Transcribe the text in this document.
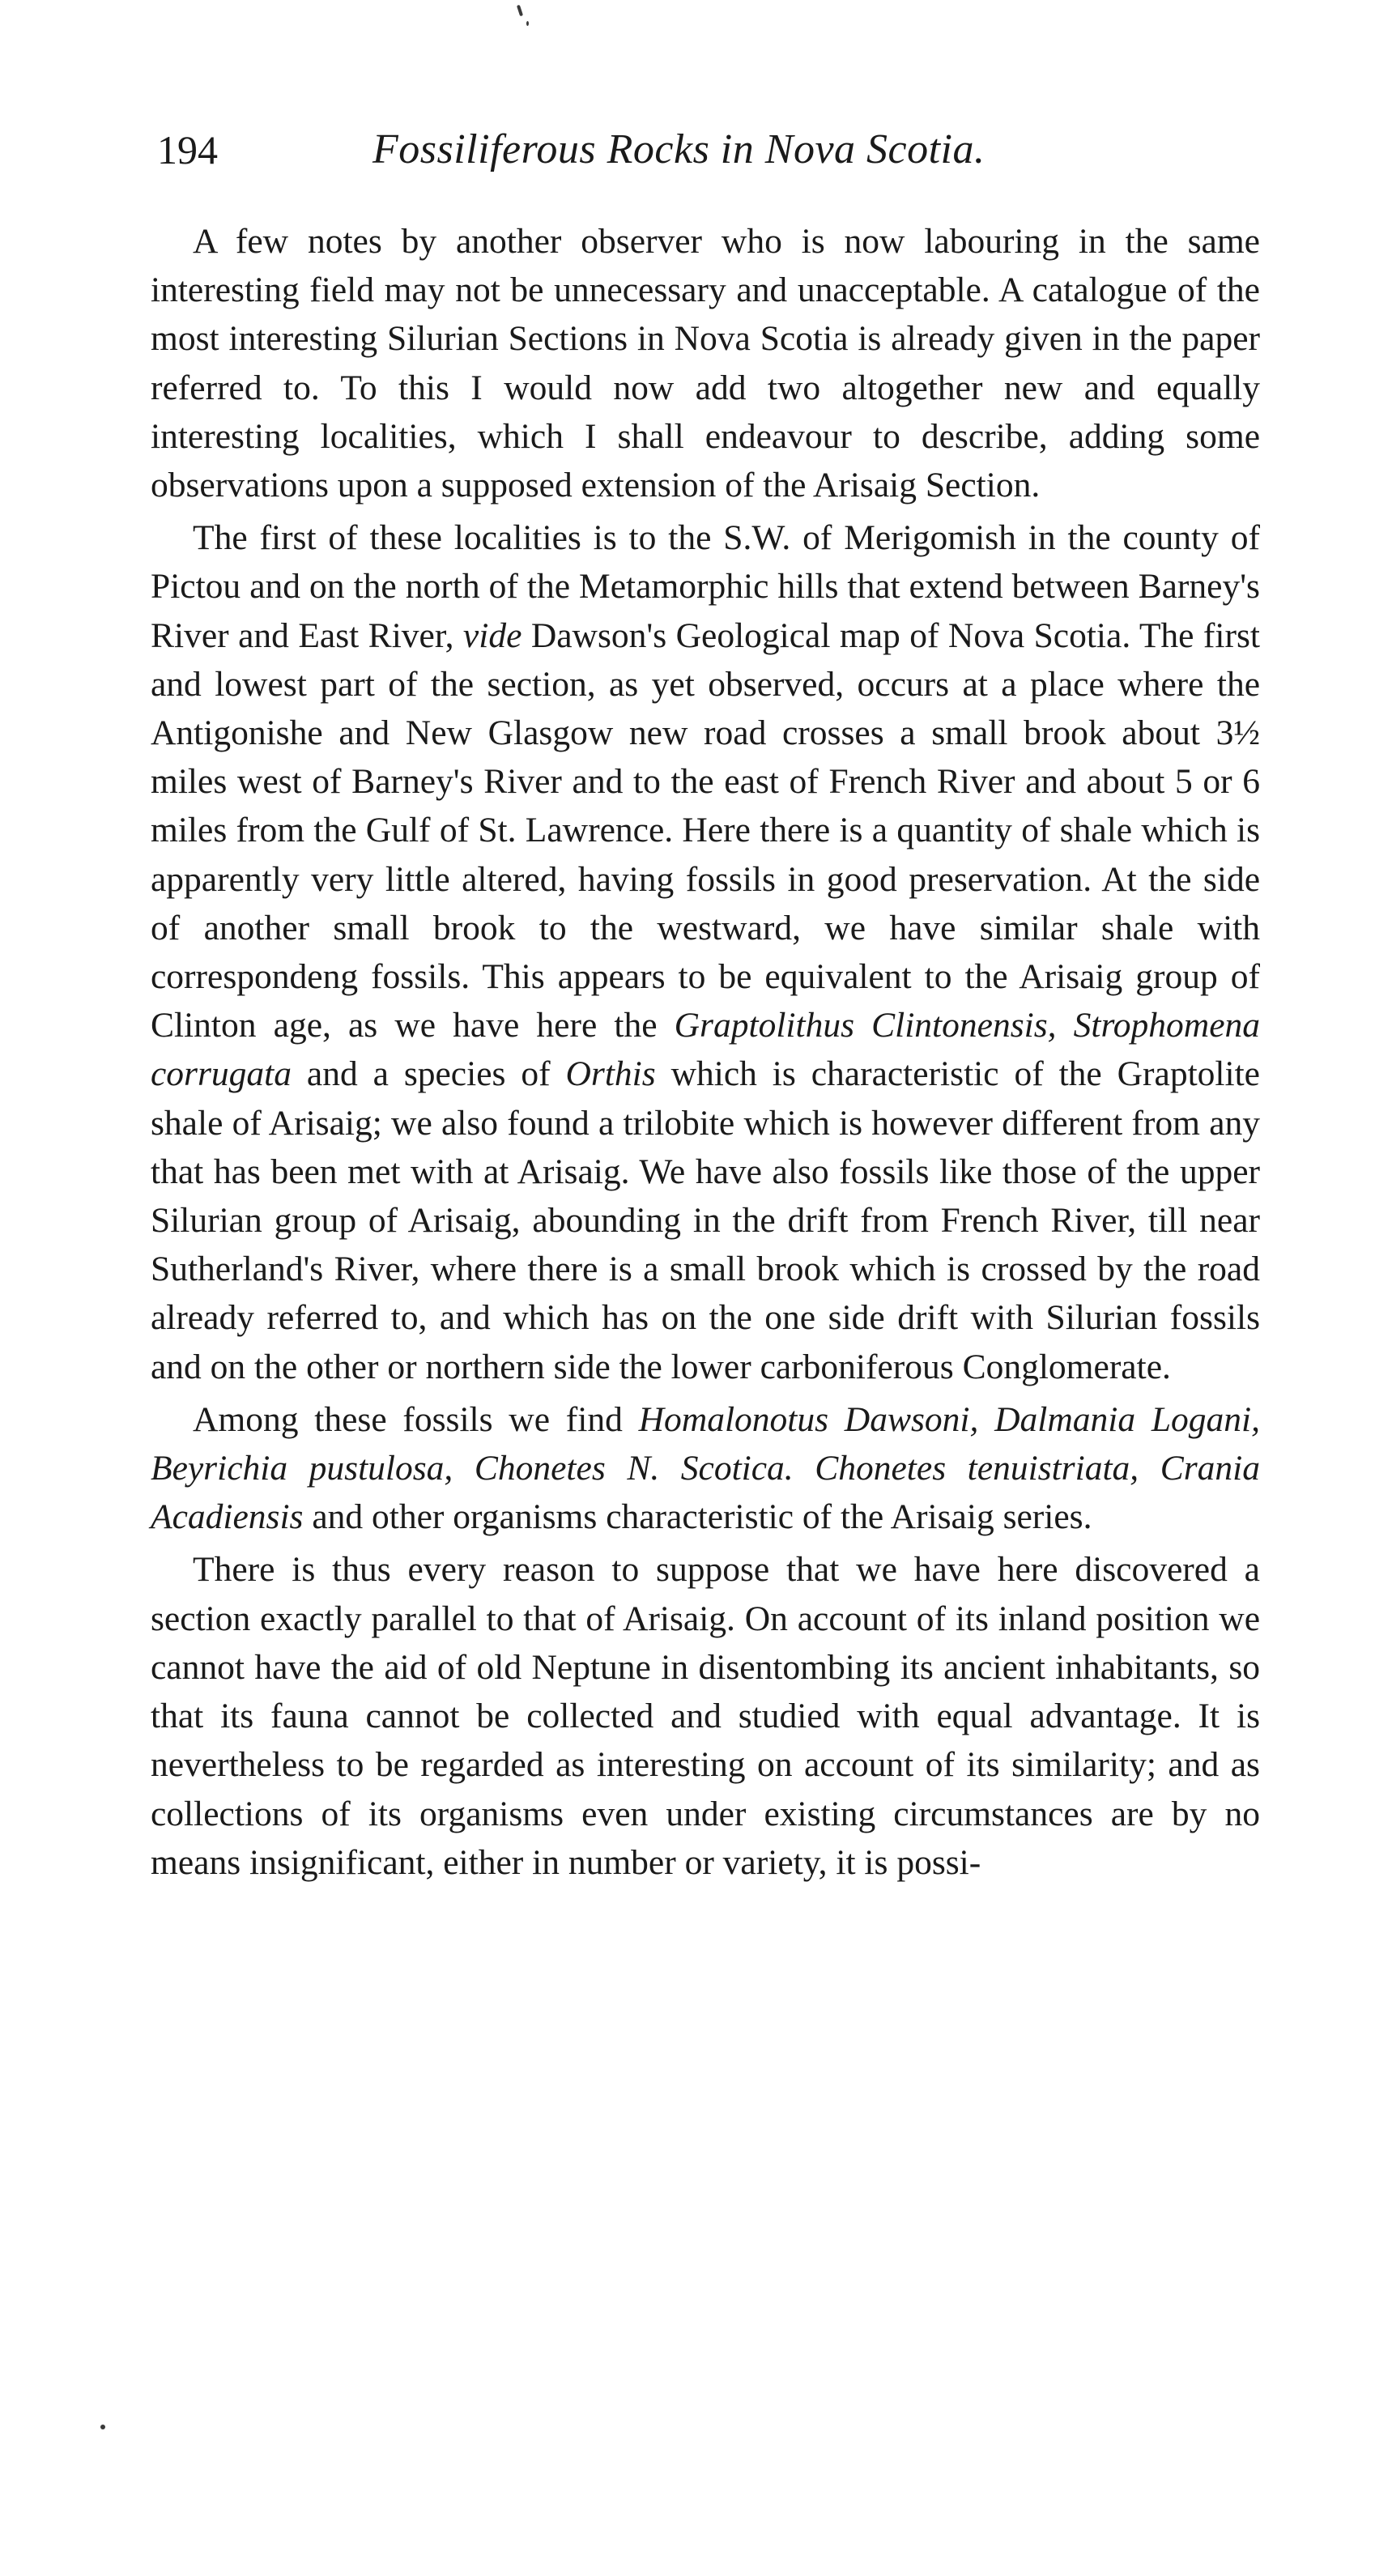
194	Fossiliferous Rocks in Nova Scotia.

A few notes by another observer who is now labouring in the same interesting field may not be unnecessary and unacceptable. A catalogue of the most interesting Silurian Sections in Nova Scotia is already given in the paper referred to. To this I would now add two altogether new and equally interesting localities, which I shall endeavour to describe, adding some observations upon a supposed extension of the Arisaig Section.

The first of these localities is to the S.W. of Merigomish in the county of Pictou and on the north of the Metamorphic hills that extend between Barney's River and East River, vide Dawson's Geological map of Nova Scotia. The first and lowest part of the section, as yet observed, occurs at a place where the Antigonishe and New Glasgow new road crosses a small brook about 3½ miles west of Barney's River and to the east of French River and about 5 or 6 miles from the Gulf of St. Lawrence. Here there is a quantity of shale which is apparently very little altered, having fossils in good preservation. At the side of another small brook to the westward, we have similar shale with correspondeng fossils. This appears to be equivalent to the Arisaig group of Clinton age, as we have here the Graptolithus Clintonensis, Strophomena corrugata and a species of Orthis which is characteristic of the Graptolite shale of Arisaig; we also found a trilobite which is however different from any that has been met with at Arisaig. We have also fossils like those of the upper Silurian group of Arisaig, abounding in the drift from French River, till near Sutherland's River, where there is a small brook which is crossed by the road already referred to, and which has on the one side drift with Silurian fossils and on the other or northern side the lower carboniferous Conglomerate.

Among these fossils we find Homalonotus Dawsoni, Dalmania Logani, Beyrichia pustulosa, Chonetes N. Scotica. Chonetes tenuistriata, Crania Acadiensis and other organisms characteristic of the Arisaig series.

There is thus every reason to suppose that we have here discovered a section exactly parallel to that of Arisaig. On account of its inland position we cannot have the aid of old Neptune in disentombing its ancient inhabitants, so that its fauna cannot be collected and studied with equal advantage. It is nevertheless to be regarded as interesting on account of its similarity; and as collections of its organisms even under existing circumstances are by no means insignificant, either in number or variety, it is possi-
